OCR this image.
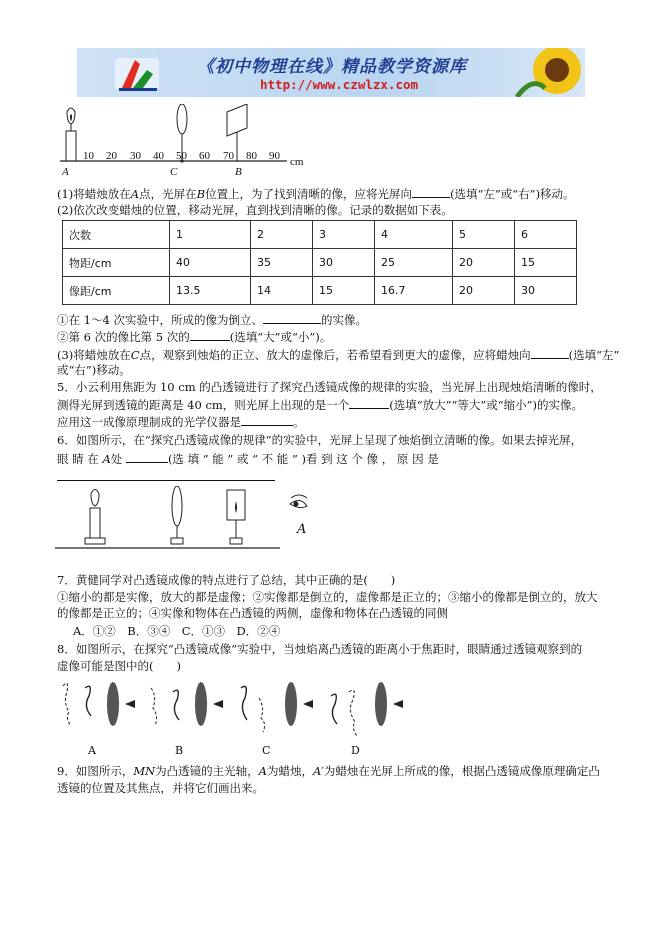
《初中物理在线》精品教学资源库
http://www.czwlzx.com
10 20 30 40 50 60 70 80 90 cm
A	C	B
(1)将蜡烛放在A点，光屏在B位置上，为了找到清晰的像，应将光屏向	(选填“左”或“右”)移动。
(2)依次改变蜡烛的位置，移动光屏，直到找到清晰的像。记录的数据如下表。
次数	1	2	3	4	5	6
物距/cm	40	35	30	25	20	15
像距/cm	13.5	14	15	16.7	20	30
①在 1～4 次实验中，所成的像为倒立、	的实像。
②第 6 次的像比第 5 次的	(选填“大”或“小”)。
(3)将蜡烛放在C点，观察到烛焰的正立、放大的虚像后，若希望看到更大的虚像，应将蜡烛向	(选填“左”
或“右”)移动。
5．小云利用焦距为 10 cm 的凸透镜进行了探究凸透镜成像的规律的实验，当光屏上出现烛焰清晰的像时，
测得光屏到透镜的距离是 40 cm，则光屏上出现的是一个	(选填“放大”“等大”或“缩小”)的实像。
应用这一成像原理制成的光学仪器是	。
6．如图所示，在“探究凸透镜成像的规律”的实验中，光屏上呈现了烛焰倒立清晰的像。如果去掉光屏，
眼 睛 在 A处	(选 填 “ 能 ” 或 “ 不 能 ” )看 到 这 个 像 ， 原 因 是
A
7．黄健同学对凸透镜成像的特点进行了总结，其中正确的是(　　)
①缩小的都是实像，放大的都是虚像；②实像都是倒立的，虚像都是正立的；③缩小的像都是倒立的，放大
的像都是正立的；④实像和物体在凸透镜的两侧，虚像和物体在凸透镜的同侧
A．①②　B．③④　C．①③　D．②④
8．如图所示，在探究“凸透镜成像”实验中，当烛焰离凸透镜的距离小于焦距时，眼睛通过透镜观察到的
虚像可能是图中的(　　)
A	B	C	D
9．如图所示，MN为凸透镜的主光轴，A为蜡烛，A′为蜡烛在光屏上所成的像，根据凸透镜成像原理确定凸
透镜的位置及其焦点，并将它们画出来。
